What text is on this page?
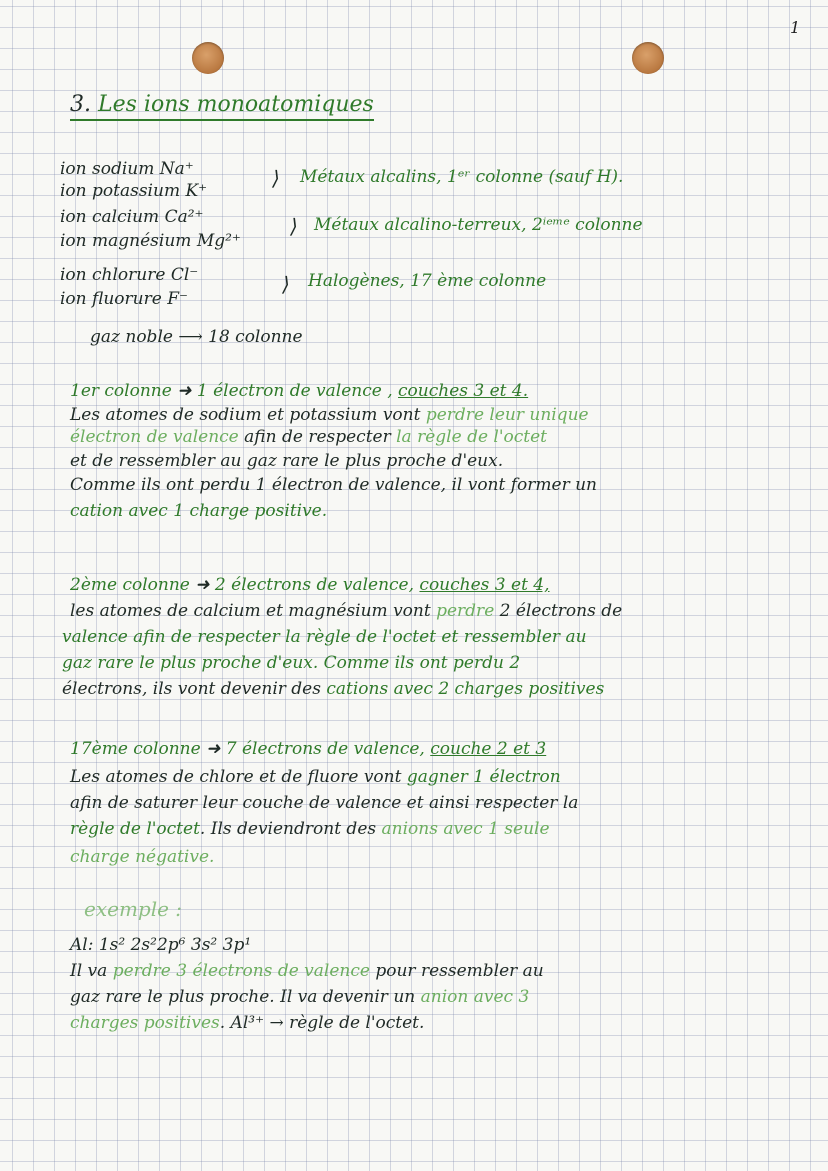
1
3. Les ions monoatomiques
ion sodium Na⁺
ion potassium K⁺
ion calcium Ca²⁺
ion magnésium Mg²⁺
ion chlorure Cl⁻
ion fluorure F⁻
⟩
⟩
⟩
Métaux alcalins, 1ᵉʳ colonne (sauf H).
Métaux alcalino-terreux, 2ⁱᵉᵐᵉ colonne
Halogènes, 17 ème colonne
gaz noble ⟶ 18 colonne
1er colonne ➜ 1 électron de valence , couches 3 et 4.
Les atomes de sodium et potassium vont perdre leur unique
électron de valence afin de respecter la règle de l'octet
et de ressembler au gaz rare le plus proche d'eux.
Comme ils ont perdu 1 électron de valence, il vont former un
cation avec 1 charge positive.
2ème colonne ➜ 2 électrons de valence, couches 3 et 4,
les atomes de calcium et magnésium vont perdre 2 électrons de
valence afin de respecter la règle de l'octet et ressembler au
gaz rare le plus proche d'eux. Comme ils ont perdu 2
électrons, ils vont devenir des cations avec 2 charges positives
17ème colonne ➜ 7 électrons de valence, couche 2 et 3
Les atomes de chlore et de fluore vont gagner 1 électron
afin de saturer leur couche de valence et ainsi respecter la
règle de l'octet. Ils deviendront des anions avec 1 seule
charge négative.
exemple :
Al: 1s² 2s²2p⁶ 3s² 3p¹
Il va perdre 3 électrons de valence pour ressembler au
gaz rare le plus proche. Il va devenir un anion avec 3
charges positives. Al³⁺ → règle de l'octet.
